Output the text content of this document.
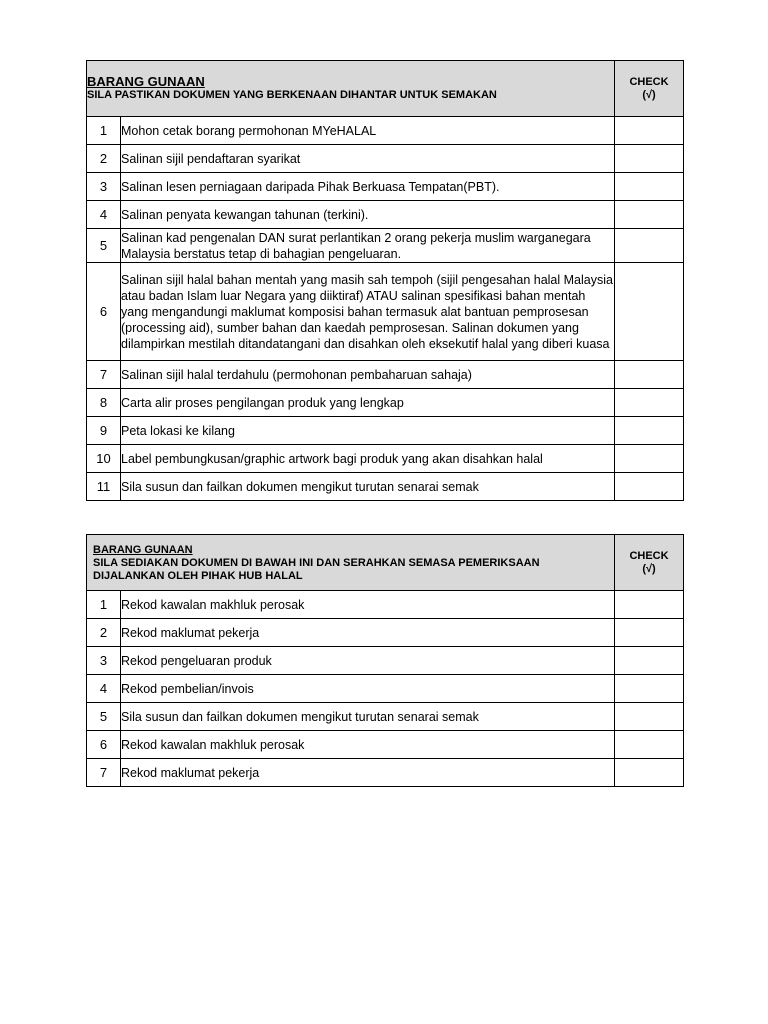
BARANG GUNAAN
SILA PASTIKAN DOKUMEN YANG BERKENAAN DIHANTAR UNTUK SEMAKAN		CHECK
(√)

1	Mohon cetak borang permohonan MYeHALAL	
2	Salinan sijil pendaftaran syarikat	
3	Salinan lesen perniagaan daripada Pihak Berkuasa Tempatan(PBT).	
4	Salinan penyata kewangan tahunan (terkini).	
5	Salinan kad pengenalan DAN surat perlantikan 2 orang pekerja muslim warganegara Malaysia berstatus tetap di bahagian pengeluaran.	
6	Salinan sijil halal bahan mentah yang masih sah tempoh (sijil pengesahan halal Malaysia atau badan Islam luar Negara yang diiktiraf) ATAU salinan spesifikasi bahan mentah yang mengandungi maklumat komposisi bahan termasuk alat bantuan pemprosesan (processing aid), sumber bahan dan kaedah pemprosesan. Salinan dokumen yang dilampirkan mestilah ditandatangani dan disahkan oleh eksekutif halal yang diberi kuasa	
7	Salinan sijil halal terdahulu (permohonan pembaharuan sahaja)	
8	Carta alir proses pengilangan produk yang lengkap	
9	Peta lokasi ke kilang	
10	Label pembungkusan/graphic artwork bagi produk yang akan disahkan halal	
11	Sila susun dan failkan dokumen mengikut turutan senarai semak	
BARANG GUNAAN
SILA SEDIAKAN DOKUMEN DI BAWAH INI DAN SERAHKAN SEMASA PEMERIKSAAN DIJALANKAN OLEH PIHAK HUB HALAL		CHECK
(√)

1	Rekod kawalan makhluk perosak	
2	Rekod maklumat pekerja	
3	Rekod pengeluaran produk	
4	Rekod pembelian/invois	
5	Sila susun dan failkan dokumen mengikut turutan senarai semak	
6	Rekod kawalan makhluk perosak	
7	Rekod maklumat pekerja	
